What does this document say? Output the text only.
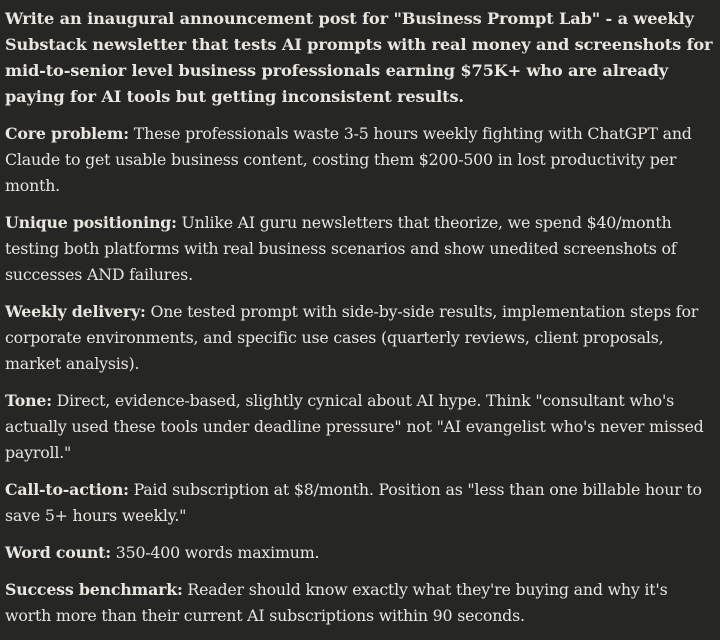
Write an inaugural announcement post for "Business Prompt Lab" - a weekly Substack newsletter that tests AI prompts with real money and screenshots for mid-to-senior level business professionals earning $75K+ who are already paying for AI tools but getting inconsistent results.

Core problem: These professionals waste 3-5 hours weekly fighting with ChatGPT and Claude to get usable business content, costing them $200-500 in lost productivity per month.

Unique positioning: Unlike AI guru newsletters that theorize, we spend $40/month testing both platforms with real business scenarios and show unedited screenshots of successes AND failures.

Weekly delivery: One tested prompt with side-by-side results, implementation steps for corporate environments, and specific use cases (quarterly reviews, client proposals, market analysis).

Tone: Direct, evidence-based, slightly cynical about AI hype. Think "consultant who's actually used these tools under deadline pressure" not "AI evangelist who's never missed payroll."

Call-to-action: Paid subscription at $8/month. Position as "less than one billable hour to save 5+ hours weekly."

Word count: 350-400 words maximum.

Success benchmark: Reader should know exactly what they're buying and why it's worth more than their current AI subscriptions within 90 seconds.
